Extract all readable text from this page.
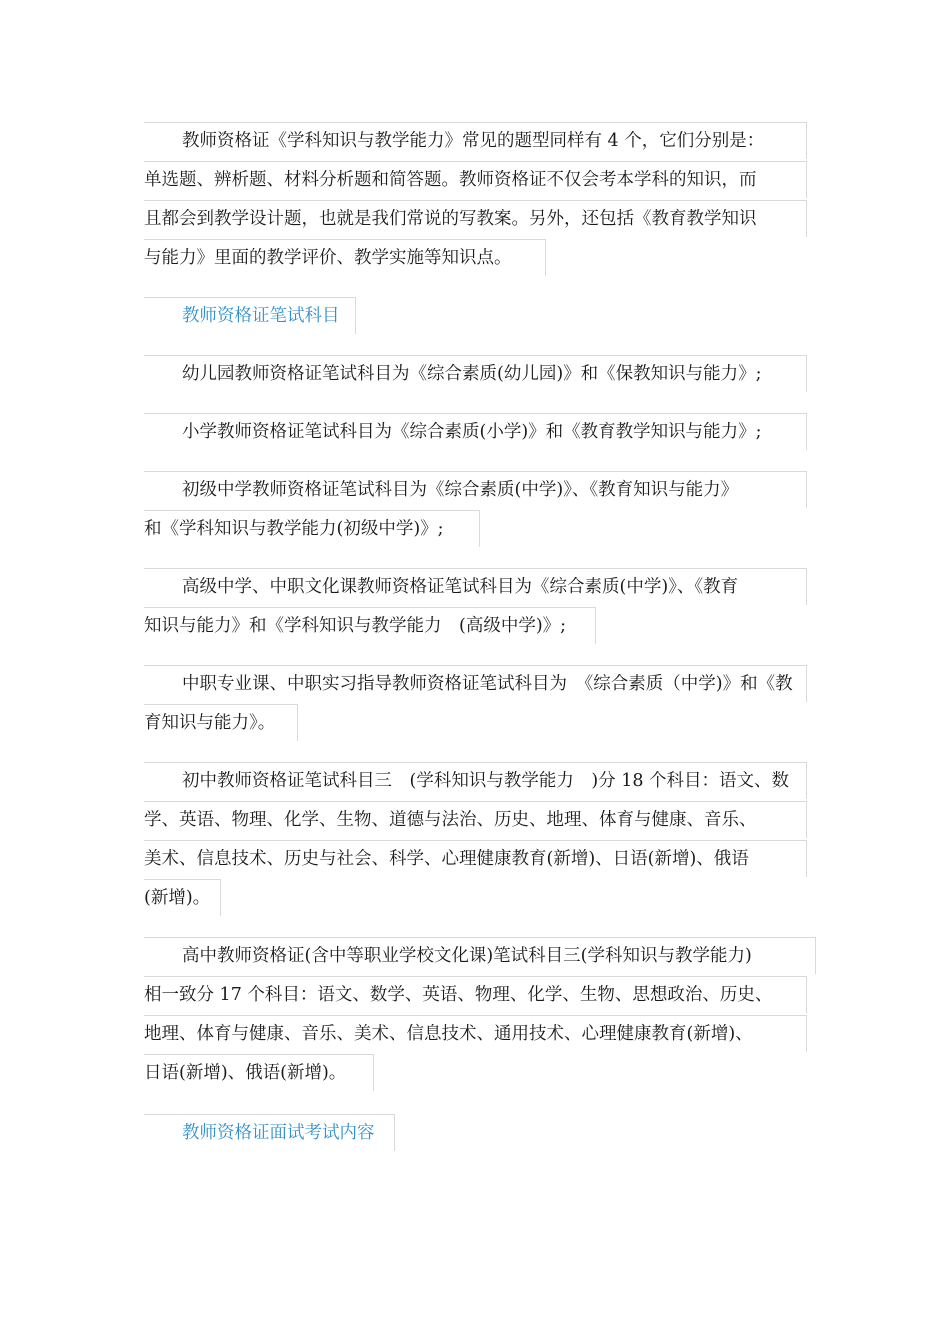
教师资格证《学科知识与教学能力》常见的题型同样有 4 个，它们分别是：
单选题、辨析题、材料分析题和简答题。教师资格证不仅会考本学科的知识，而
且都会到教学设计题，也就是我们常说的写教案。另外，还包括《教育教学知识
与能力》里面的教学评价、教学实施等知识点。
教师资格证笔试科目
幼儿园教师资格证笔试科目为《综合素质(幼儿园)》和《保教知识与能力》;
小学教师资格证笔试科目为《综合素质(小学)》和《教育教学知识与能力》;
初级中学教师资格证笔试科目为《综合素质(中学)》、《教育知识与能力》
和《学科知识与教学能力(初级中学)》;
高级中学、中职文化课教师资格证笔试科目为《综合素质(中学)》、《教育
知识与能力》和《学科知识与教学能力　(高级中学)》;
中职专业课、中职实习指导教师资格证笔试科目为　《综合素质（中学)》和《教
育知识与能力》。
初中教师资格证笔试科目三　(学科知识与教学能力　)分 18 个科目：语文、数
学、英语、物理、化学、生物、道德与法治、历史、地理、体育与健康、音乐、
美术、信息技术、历史与社会、科学、心理健康教育(新增)、日语(新增)、俄语
(新增)。
高中教师资格证(含中等职业学校文化课)笔试科目三(学科知识与教学能力)
相一致分 17 个科目：语文、数学、英语、物理、化学、生物、思想政治、历史、
地理、体育与健康、音乐、美术、信息技术、通用技术、心理健康教育(新增)、
日语(新增)、俄语(新增)。
教师资格证面试考试内容
